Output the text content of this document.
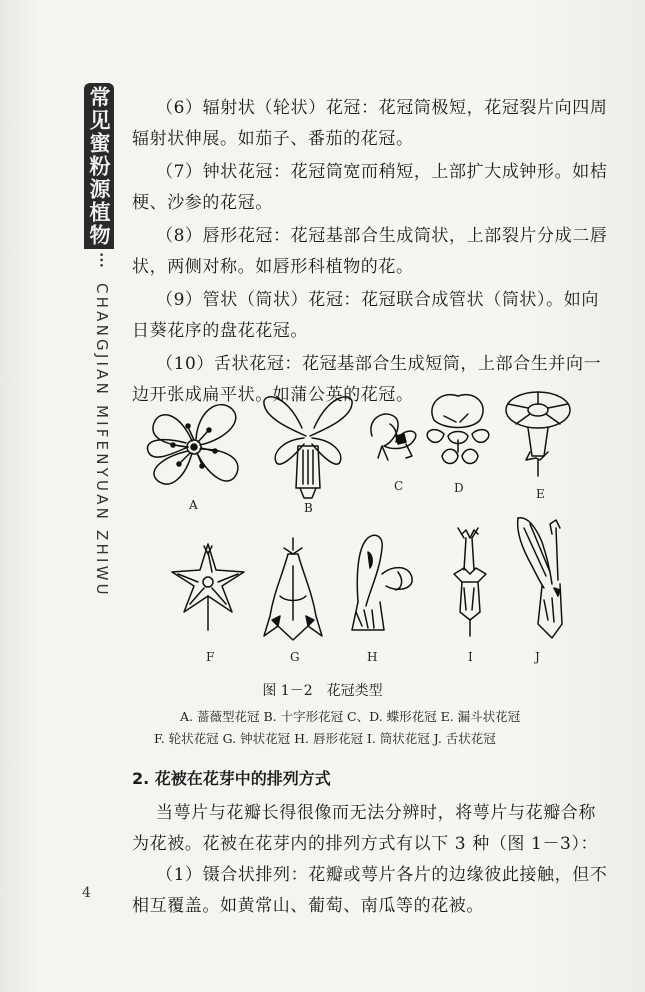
常见蜜粉源植物
•••
CHANGJIAN MIFENYUAN ZHIWU
（6）辐射状（轮状）花冠：花冠筒极短，花冠裂片向四周
辐射状伸展。如茄子、番茄的花冠。
（7）钟状花冠：花冠筒宽而稍短，上部扩大成钟形。如桔
梗、沙参的花冠。
（8）唇形花冠：花冠基部合生成筒状，上部裂片分成二唇
状，两侧对称。如唇形科植物的花。
（9）管状（筒状）花冠：花冠联合成管状（筒状）。如向
日葵花序的盘花花冠。
（10）舌状花冠：花冠基部合生成短筒，上部合生并向一
边开张成扁平状。如蒲公英的花冠。
A	B
C	D	E
F	G	H	I	J
图 1－2　花冠类型
A. 蔷薇型花冠 B. 十字形花冠 C、D. 蝶形花冠 E. 漏斗状花冠
F. 轮状花冠 G. 钟状花冠 H. 唇形花冠 I. 筒状花冠 J. 舌状花冠
2. 花被在花芽中的排列方式
当萼片与花瓣长得很像而无法分辨时，将萼片与花瓣合称
为花被。花被在花芽内的排列方式有以下 3 种（图 1－3）：
（1）镊合状排列：花瓣或萼片各片的边缘彼此接触，但不
相互覆盖。如黄常山、葡萄、南瓜等的花被。
4
